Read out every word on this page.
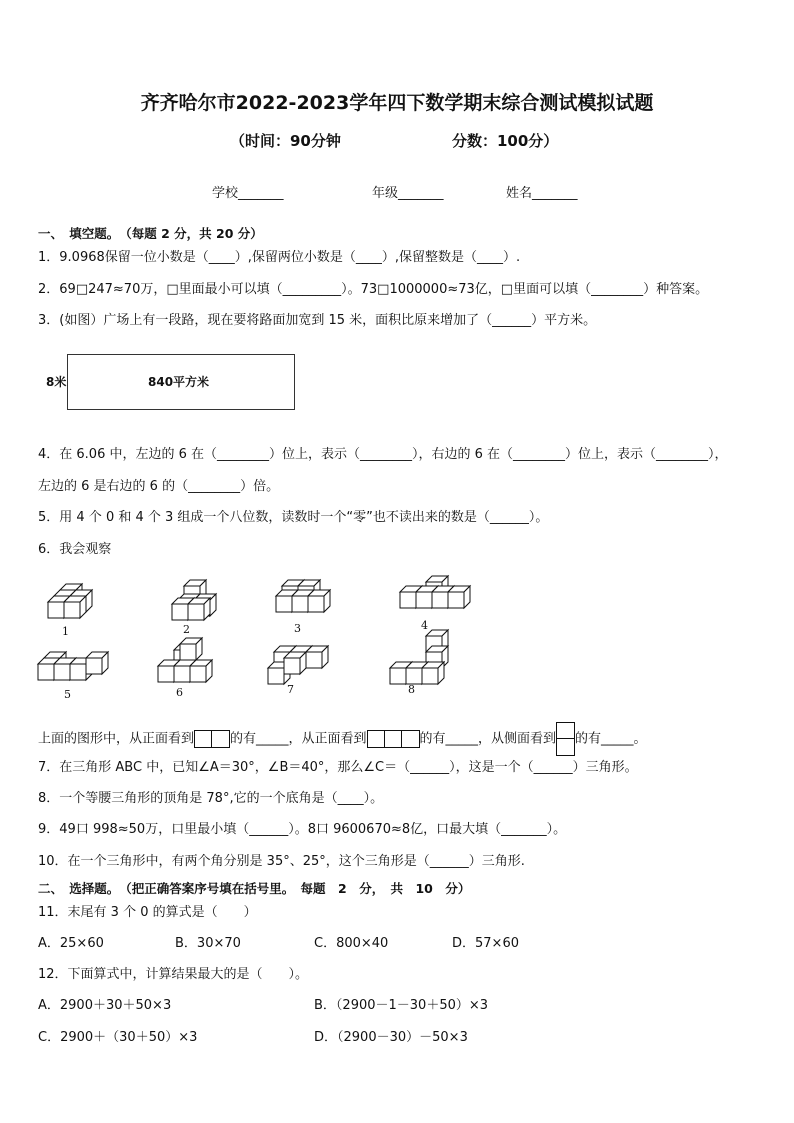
齐齐哈尔市2022-2023学年四下数学期末综合测试模拟试题
（时间：90分钟	分数：100分）
学校_______	年级_______	姓名_______
一、　填空题。　（每题 2 分，共 20 分）
1．9.0968保留一位小数是（____）,保留两位小数是（____）,保留整数是（____）.
2．69□247≈70万，□里面最小可以填（_________）。73□1000000≈73亿，□里面可以填（________）种答案。
3．(如图）广场上有一段路，现在要将路面加宽到 15 米，面积比原来增加了（______）平方米。
8米	840平方米
4．在 6.06 中，左边的 6 在（________）位上，表示（________），右边的 6 在（________）位上，表示（________），
左边的 6 是右边的 6 的（________）倍。
5．用 4 个 0 和 4 个 3 组成一个八位数，读数时一个“零”也不读出来的数是（______）。
6．我会观察
1	2	3	4
5	6	7	8
上面的图形中，从正面看到	的有_____，从正面看到	的有_____，从侧面看到 的有_____。
7．在三角形 ABC 中，已知∠A＝30°，∠B＝40°，那么∠C＝（______），这是一个（______）三角形。
8．一个等腰三角形的顶角是 78°,它的一个底角是（____）。
9．49口 998≈50万，口里最小填（______）。8口 9600670≈8亿，口最大填（_______）。
10．在一个三角形中，有两个角分别是 35°、25°，这个三角形是（______）三角形.
二、　选择题。　（把正确答案序号填在括号里。　每题　2　分，　共　10　分）
11．末尾有 3 个 0 的算式是（　　）
A．25×60	B．30×70	C．800×40	D．57×60
12．下面算式中，计算结果最大的是（　　）。
A．2900＋30＋50×3	B．（2900－1－30＋50）×3
C．2900＋（30＋50）×3	D．（2900－30）－50×3
